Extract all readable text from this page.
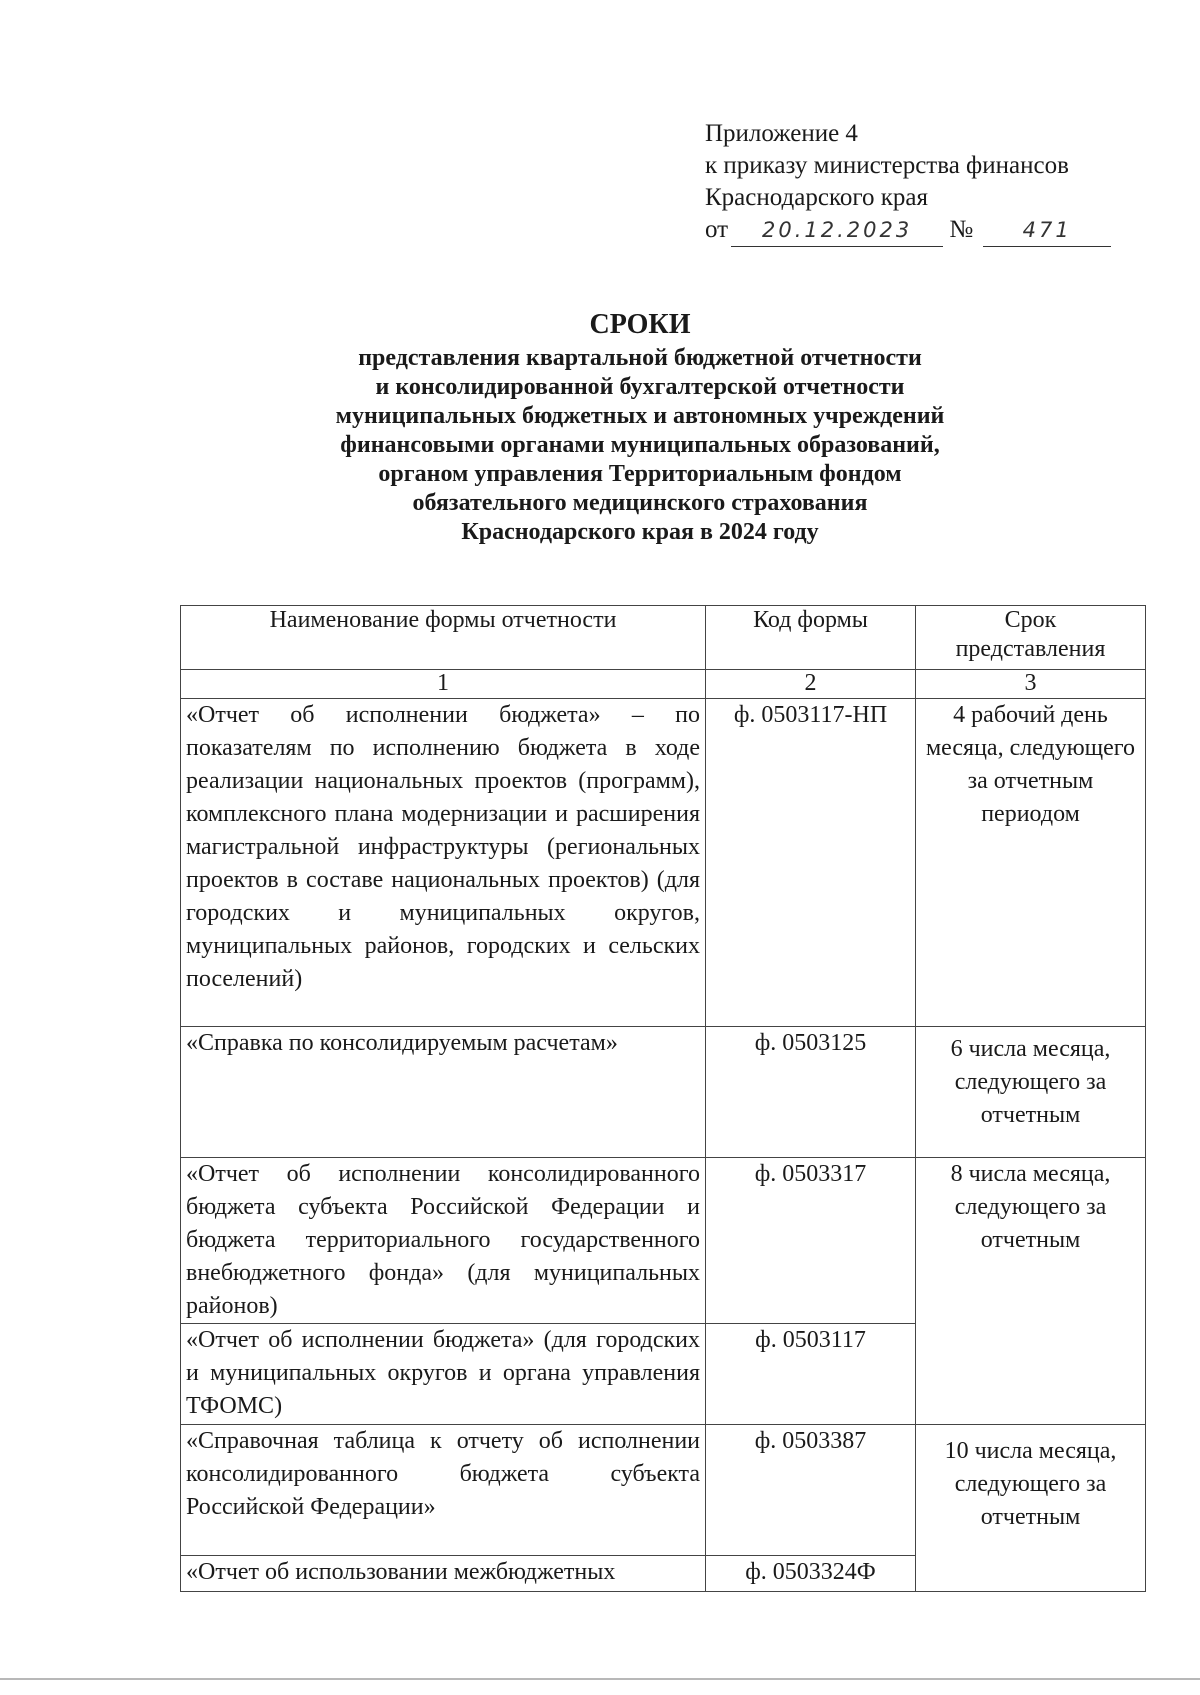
Приложение 4
к приказу министерства финансов
Краснодарского края
от 20.12.2023 № 471
СРОКИ
представления квартальной бюджетной отчетности
и консолидированной бухгалтерской отчетности
муниципальных бюджетных и автономных учреждений
финансовыми органами муниципальных образований,
органом управления Территориальным фондом
обязательного медицинского страхования
Краснодарского края в 2024 году
Наименование формы отчетности	Код формы	Срок представления
1	2	3
«Отчет об исполнении бюджета» – по показателям по исполнению бюджета в ходе реализации национальных проектов (программ), комплексного плана модернизации и расширения магистральной инфраструктуры (региональных проектов в составе национальных проектов) (для городских и муниципальных округов, муниципальных районов, городских и сельских поселений)	ф. 0503117-НП	4 рабочий день месяца, следующего за отчетным периодом
«Справка по консолидируемым расчетам»	ф. 0503125	6 числа месяца, следующего за отчетным
«Отчет об исполнении консолидированного бюджета субъекта Российской Федерации и бюджета территориального государственного внебюджетного фонда» (для муниципальных районов)	ф. 0503317	8 числа месяца, следующего за отчетным
«Отчет об исполнении бюджета» (для городских и муниципальных округов и органа управления ТФОМС)	ф. 0503117	
«Справочная таблица к отчету об исполнении консолидированного бюджета субъекта Российской Федерации»	ф. 0503387	10 числа месяца, следующего за отчетным
«Отчет об использовании межбюджетных	ф. 0503324Ф	
